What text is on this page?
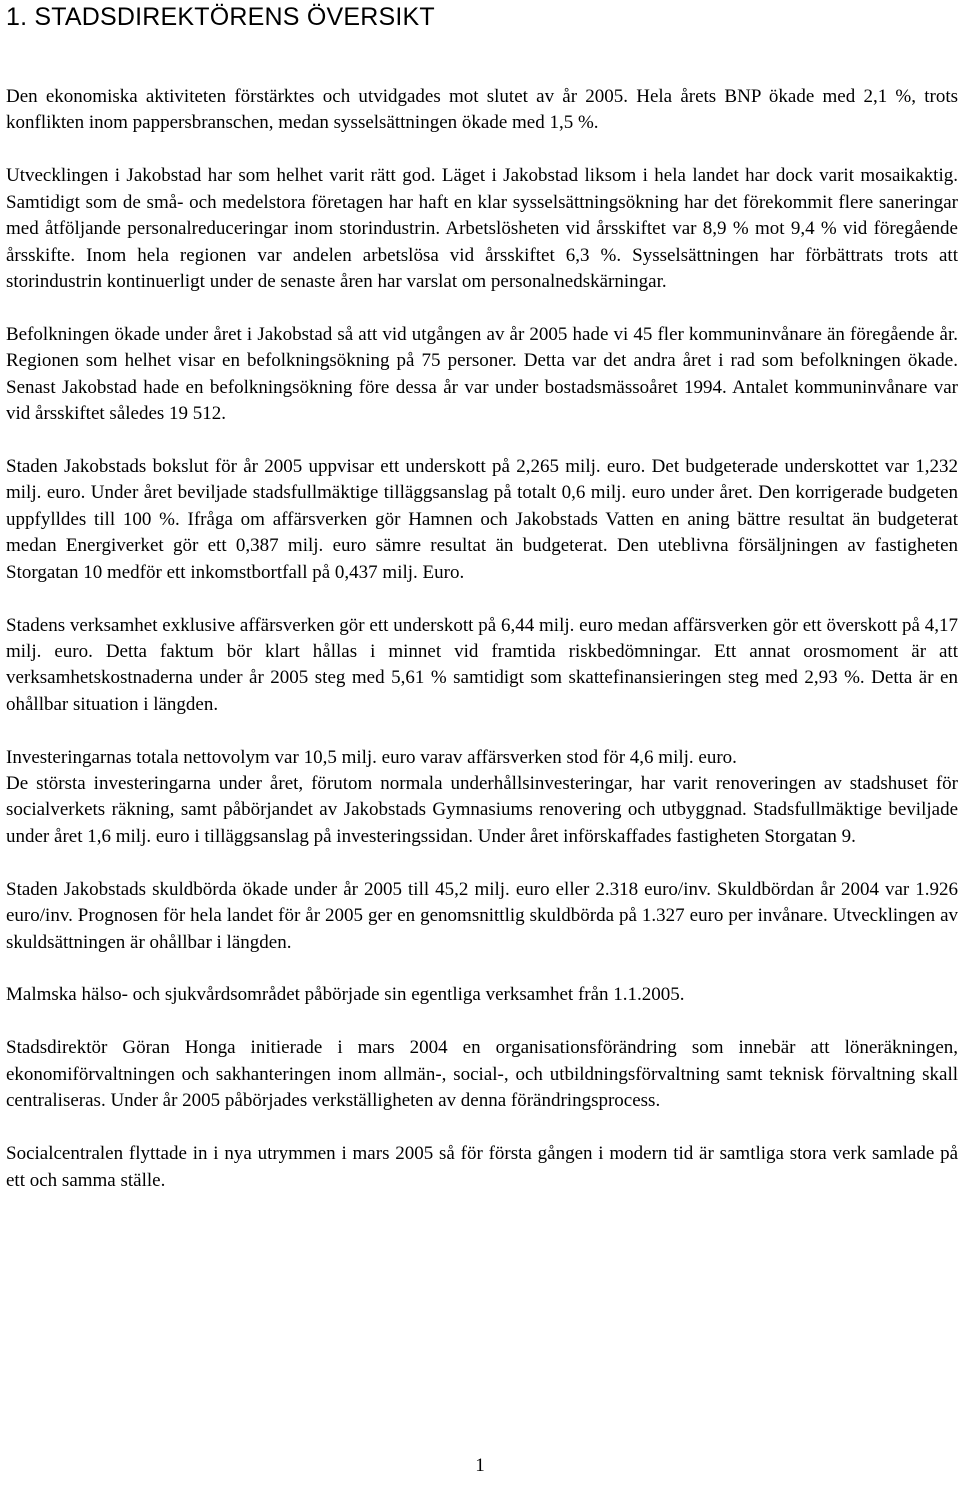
1. STADSDIREKTÖRENS ÖVERSIKT

Den ekonomiska aktiviteten förstärktes och utvidgades mot slutet av år 2005. Hela årets BNP ökade med 2,1 %, trots konflikten inom pappersbranschen, medan sysselsättningen ökade med 1,5 %.

Utvecklingen i Jakobstad har som helhet varit rätt god. Läget i Jakobstad liksom i hela landet har dock varit mosaikaktig. Samtidigt som de små- och medelstora företagen har haft en klar sysselsättningsökning har det förekommit flere saneringar med åtföljande personalreduceringar inom storindustrin. Arbetslösheten vid årsskiftet var 8,9 % mot 9,4 % vid föregående årsskifte. Inom hela regionen var andelen arbetslösa vid årsskiftet 6,3 %. Sysselsättningen har förbättrats trots att storindustrin kontinuerligt under de senaste åren har varslat om personalnedskärningar.

Befolkningen ökade under året i Jakobstad så att vid utgången av år 2005 hade vi 45 fler kommuninvånare än föregående år. Regionen som helhet visar en befolkningsökning på 75 personer. Detta var det andra året i rad som befolkningen ökade. Senast Jakobstad hade en befolkningsökning före dessa år var under bostadsmässoåret 1994. Antalet kommuninvånare var vid årsskiftet således 19 512.

Staden Jakobstads bokslut för år 2005 uppvisar ett underskott på 2,265 milj. euro. Det budgeterade underskottet var 1,232 milj. euro. Under året beviljade stadsfullmäktige tilläggsanslag på totalt 0,6 milj. euro under året. Den korrigerade budgeten uppfylldes till 100 %. Ifråga om affärsverken gör Hamnen och Jakobstads Vatten en aning bättre resultat än budgeterat medan Energiverket gör ett 0,387 milj. euro sämre resultat än budgeterat. Den uteblivna försäljningen av fastigheten Storgatan 10 medför ett inkomstbortfall på 0,437 milj. Euro.

Stadens verksamhet exklusive affärsverken gör ett underskott på 6,44 milj. euro medan affärsverken gör ett överskott på 4,17 milj. euro. Detta faktum bör klart hållas i minnet vid framtida riskbedömningar. Ett annat orosmoment är att verksamhetskostnaderna under år 2005 steg med 5,61 % samtidigt som skattefinansieringen steg med 2,93 %. Detta är en ohållbar situation i längden.

Investeringarnas totala nettovolym var 10,5 milj. euro varav affärsverken stod för 4,6 milj. euro.

De största investeringarna under året, förutom normala underhållsinvesteringar, har varit renoveringen av stadshuset för socialverkets räkning, samt påbörjandet av Jakobstads Gymnasiums renovering och utbyggnad. Stadsfullmäktige beviljade under året 1,6 milj. euro i tilläggsanslag på investeringssidan. Under året införskaffades fastigheten Storgatan 9.

Staden Jakobstads skuldbörda ökade under år 2005 till 45,2 milj. euro eller 2.318 euro/inv. Skuldbördan år 2004 var 1.926 euro/inv. Prognosen för hela landet för år 2005 ger en genomsnittlig skuldbörda på 1.327 euro per invånare. Utvecklingen av skuldsättningen är ohållbar i längden.

Malmska hälso- och sjukvårdsområdet påbörjade sin egentliga verksamhet från 1.1.2005.

Stadsdirektör Göran Honga initierade i mars 2004 en organisationsförändring som innebär att löneräkningen, ekonomiförvaltningen och sakhanteringen inom allmän-, social-, och utbildningsförvaltning samt teknisk förvaltning skall centraliseras. Under år 2005 påbörjades verkställigheten av denna förändringsprocess.

Socialcentralen flyttade in i nya utrymmen i mars 2005 så för första gången i modern tid är samtliga stora verk samlade på ett och samma ställe.

1
